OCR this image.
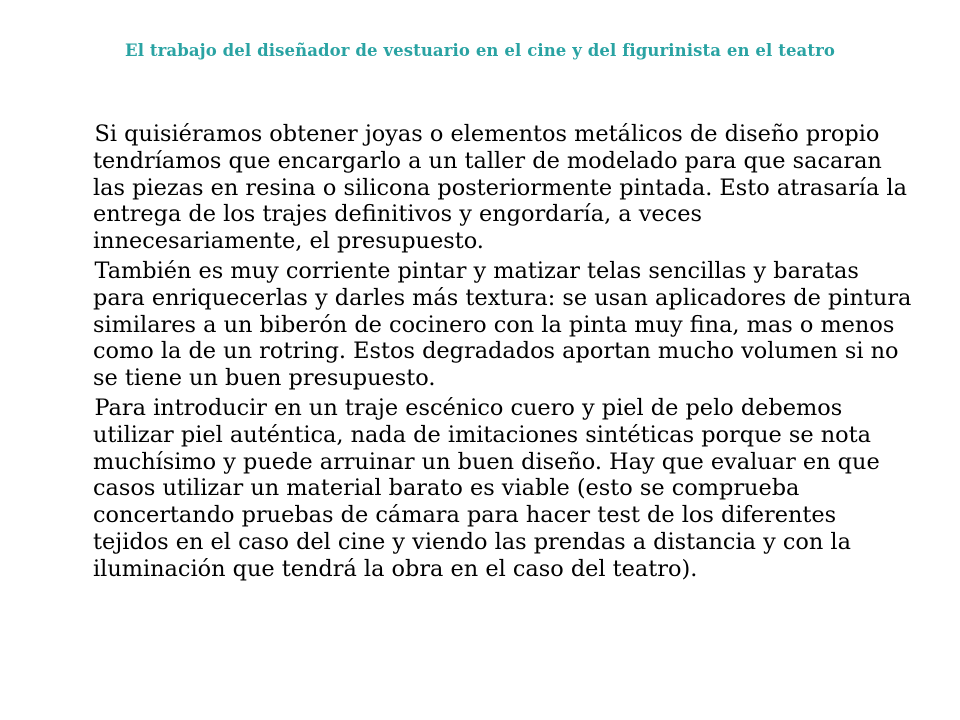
El trabajo del diseñador de vestuario en el cine y del figurinista en el teatro

Si quisiéramos obtener joyas o elementos metálicos de diseño propio tendríamos que encargarlo a un taller de modelado para que sacaran las piezas en resina o silicona posteriormente pintada. Esto atrasaría la entrega de los trajes definitivos y engordaría, a veces innecesariamente, el presupuesto.

También es muy corriente pintar y matizar telas sencillas y baratas para enriquecerlas y darles más textura: se usan aplicadores de pintura similares a un biberón de cocinero con la pinta muy fina, mas o menos como la de un rotring. Estos degradados aportan mucho volumen si no se tiene un buen presupuesto.

Para introducir en un traje escénico cuero y piel de pelo debemos utilizar piel auténtica, nada de imitaciones sintéticas porque se nota muchísimo y puede arruinar un buen diseño. Hay que evaluar en que casos utilizar un material barato es viable (esto se comprueba concertando pruebas de cámara para hacer test de los diferentes tejidos en el caso del cine y viendo las prendas a distancia y con la iluminación que tendrá la obra en el caso del teatro).
